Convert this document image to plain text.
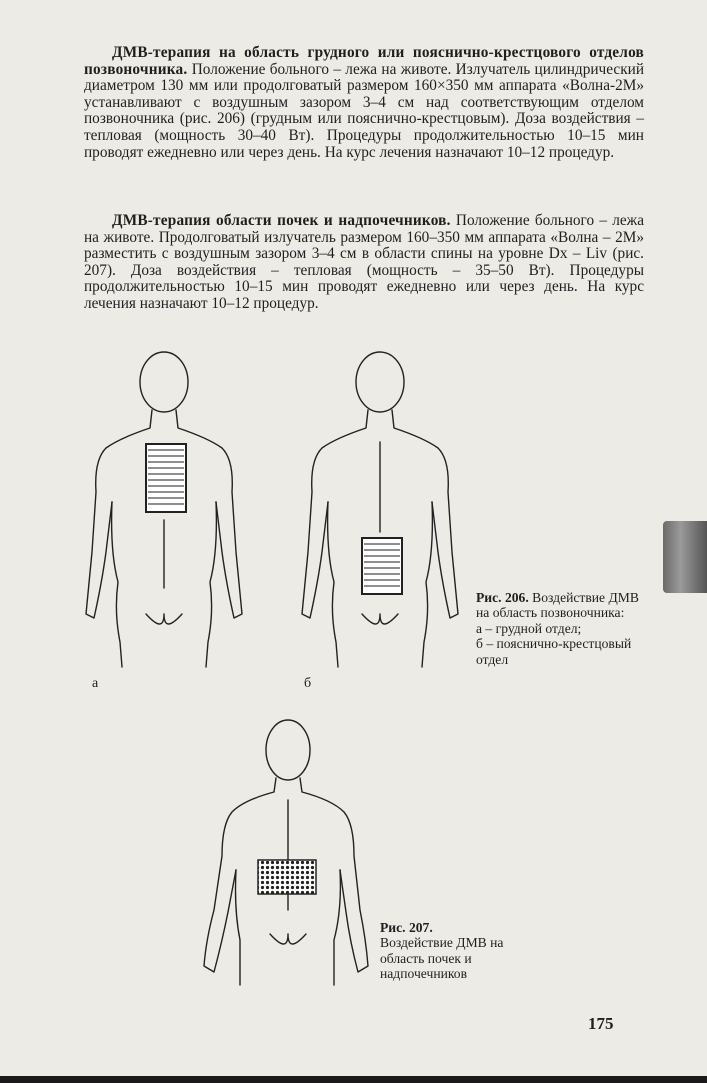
ДМВ-терапия на область грудного или пояснично-крестцового отделов позвоночника. Положение больного – лежа на животе. Излучатель цилиндрический диаметром 130 мм или продолговатый размером 160×350 мм аппарата «Волна-2М» устанавливают с воздушным зазором 3–4 см над соответствующим отделом позвоночника (рис. 206) (грудным или пояснично-крестцовым). Доза воздействия – тепловая (мощность 30–40 Вт). Процедуры продолжительностью 10–15 мин проводят ежедневно или через день. На курс лечения назначают 10–12 процедур.

ДМВ-терапия области почек и надпочечников. Положение больного – лежа на животе. Продолговатый излучатель размером 160–350 мм аппарата «Волна – 2М» разместить с воздушным зазором 3–4 см в области спины на уровне Dx – Liv (рис. 207). Доза воздействия – тепловая (мощность – 35–50 Вт). Процедуры продолжительностью 10–15 мин проводят ежедневно или через день. На курс лечения назначают 10–12 процедур.

а	б
Рис. 206. Воздействие ДМВ на область позвоночника:
а – грудной отдел;
б – пояснично-крестцовый отдел
Рис. 207.
Воздействие ДМВ на область почек и надпочечников
175
